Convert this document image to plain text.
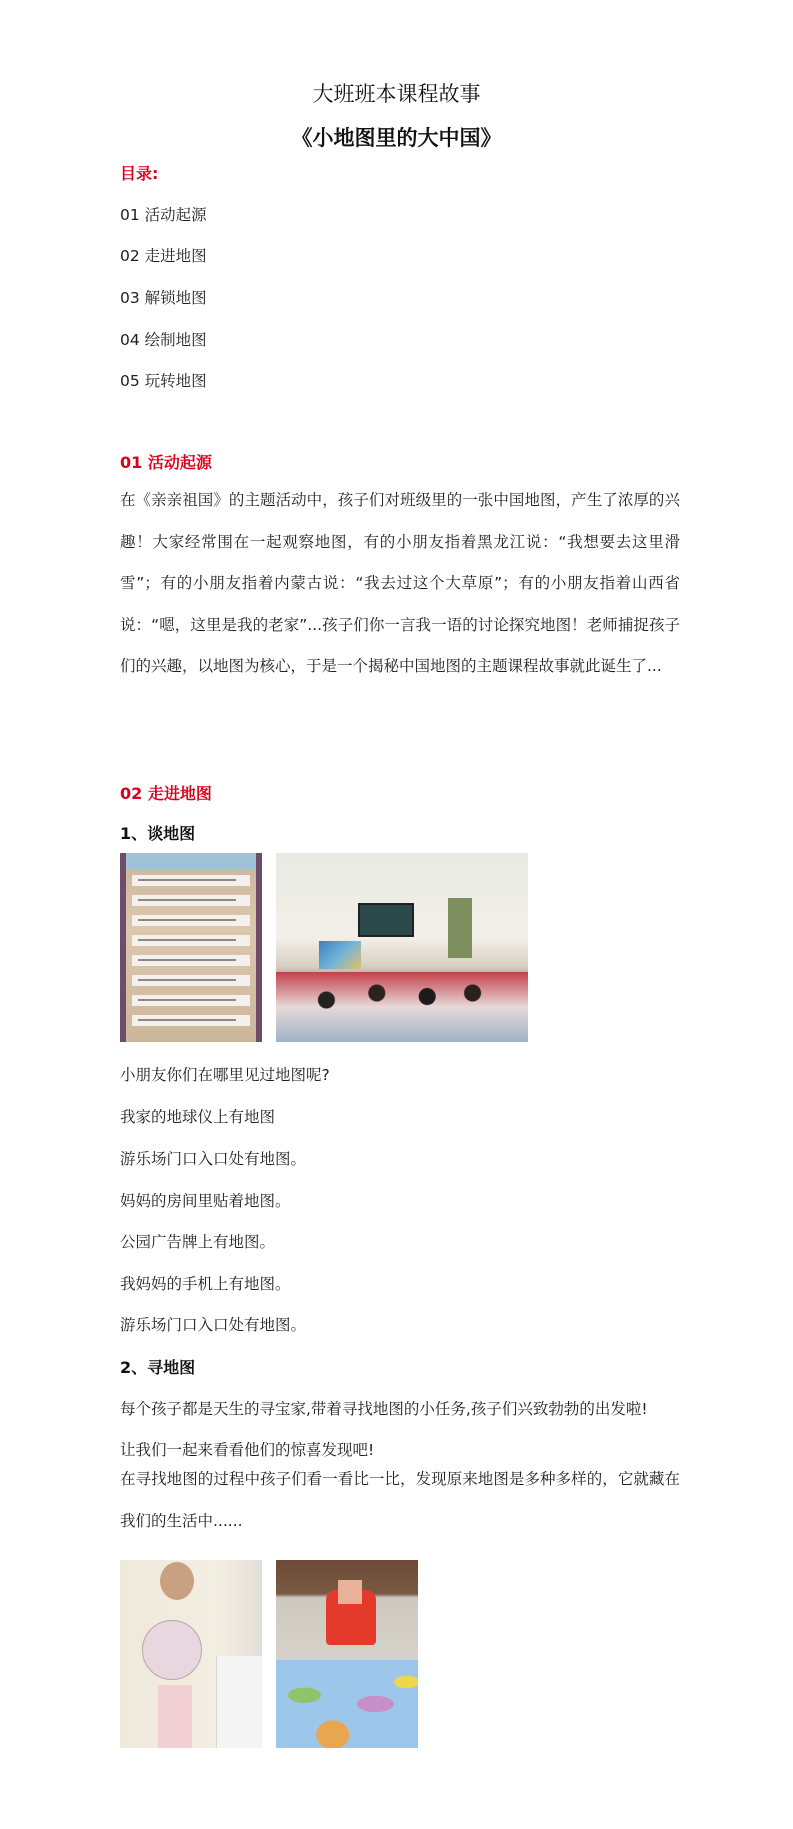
大班班本课程故事
《小地图里的大中国》
目录:
01 活动起源
02 走进地图
03 解锁地图
04 绘制地图
05 玩转地图
01 活动起源
在《亲亲祖国》的主题活动中，孩子们对班级里的一张中国地图，产生了浓厚的兴趣！大家经常围在一起观察地图，有的小朋友指着黑龙江说：“我想要去这里滑雪”；有的小朋友指着内蒙古说：“我去过这个大草原”；有的小朋友指着山西省说：“嗯，这里是我的老家”...孩子们你一言我一语的讨论探究地图！老师捕捉孩子们的兴趣，以地图为核心，于是一个揭秘中国地图的主题课程故事就此诞生了...
02 走进地图
1、谈地图
小朋友你们在哪里见过地图呢?
我家的地球仪上有地图
游乐场门口入口处有地图。
妈妈的房间里贴着地图。
公园广告牌上有地图。
我妈妈的手机上有地图。
游乐场门口入口处有地图。
2、寻地图
每个孩子都是天生的寻宝家,带着寻找地图的小任务,孩子们兴致勃勃的出发啦!
让我们一起来看看他们的惊喜发现吧!
在寻找地图的过程中孩子们看一看比一比，发现原来地图是多种多样的，它就藏在我们的生活中......
